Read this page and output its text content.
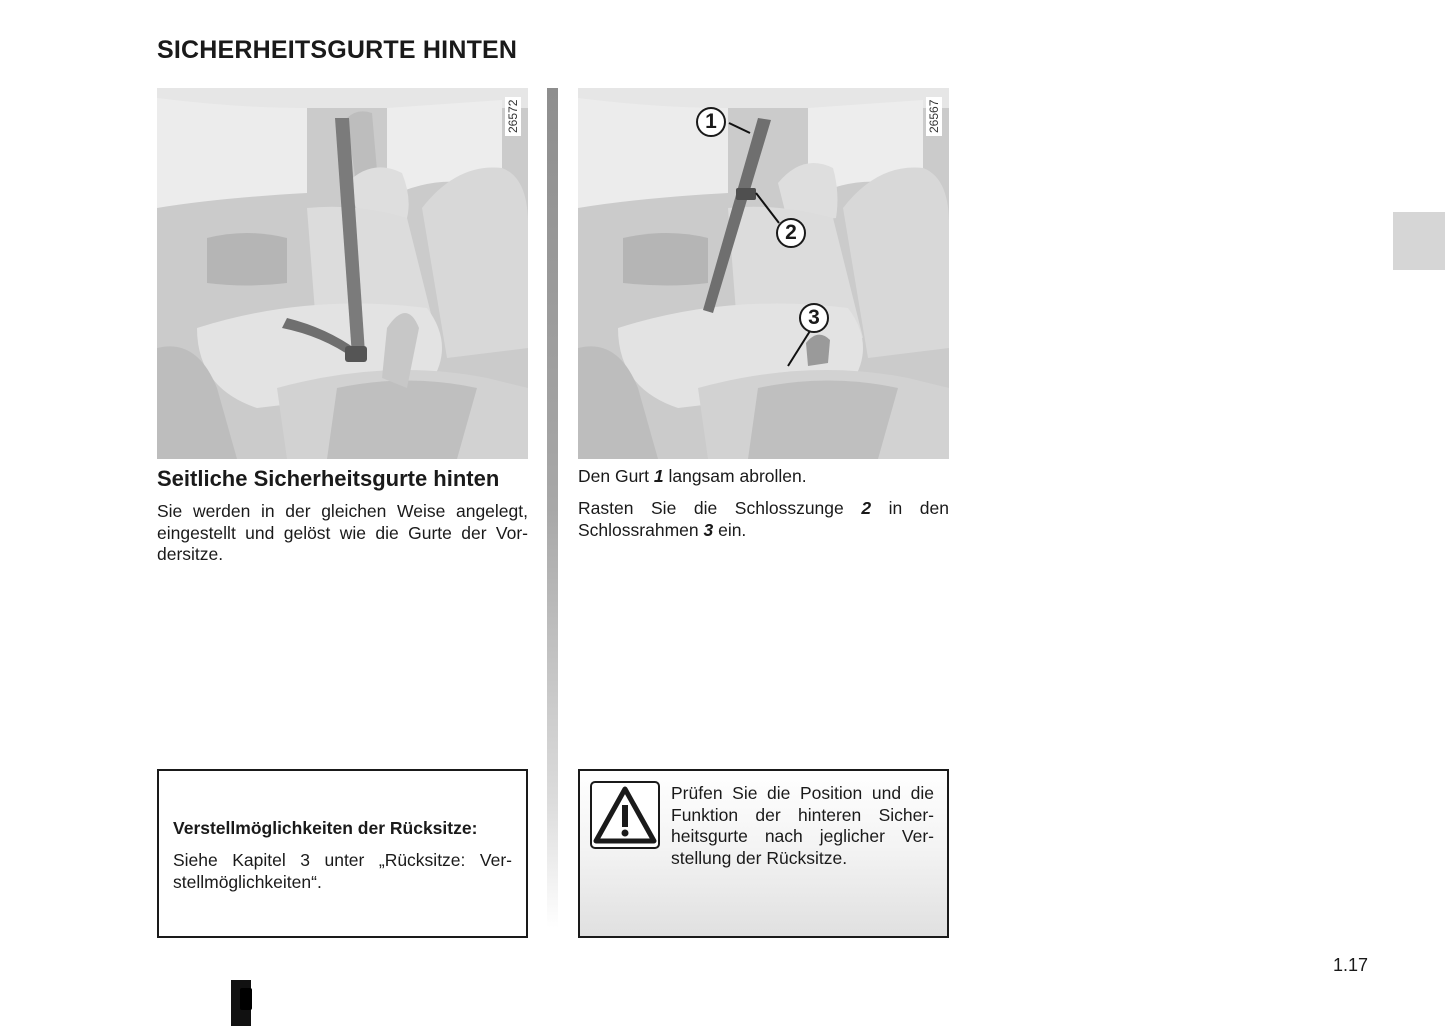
SICHERHEITSGURTE HINTEN
26572	26567
1
2
3
Seitliche Sicherheitsgurte hinten

Sie werden in der gleichen Weise angelegt, eingestellt und gelöst wie die Gurte der Vor-dersitze.

Den Gurt 1 langsam abrollen.

Rasten Sie die Schlosszunge 2 in den Schlossrahmen 3 ein.

Verstellmöglichkeiten der Rücksitze:

Siehe Kapitel 3 unter „Rücksitze: Ver-stellmöglichkeiten“.

Prüfen Sie die Position und die Funktion der hinteren Sicher-heitsgurte nach jeglicher Ver-stellung der Rücksitze.

1.17
